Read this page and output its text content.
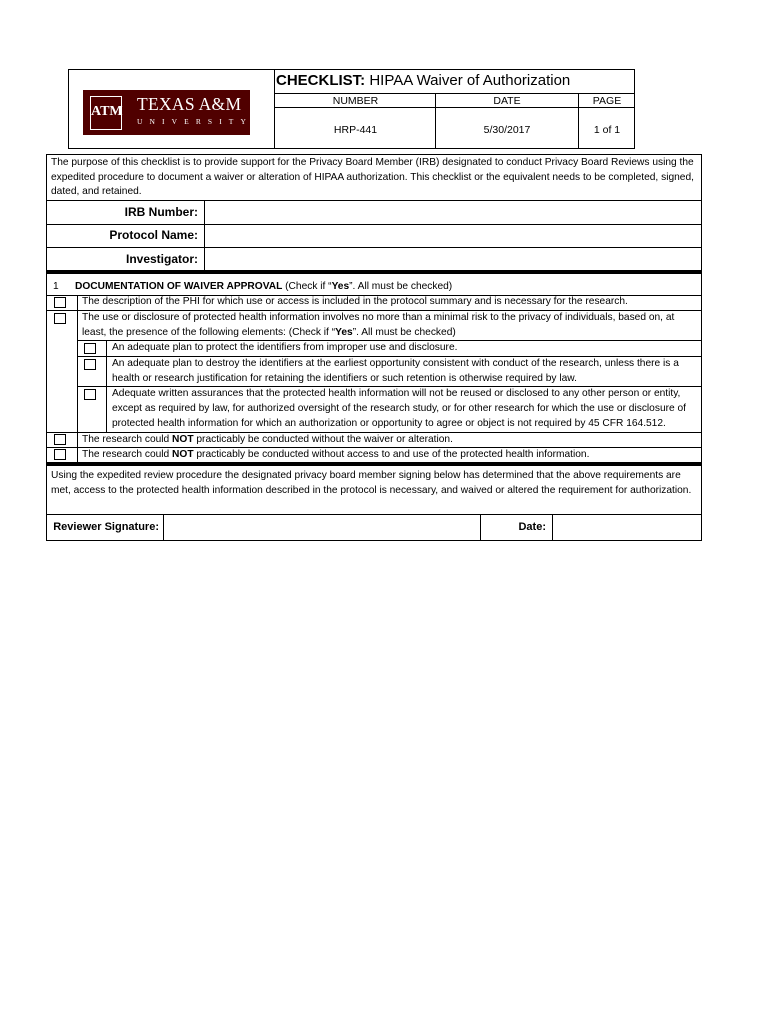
ATM TEXAS A&M
UNIVERSITY
CHECKLIST: HIPAA Waiver of Authorization
NUMBER	DATE	PAGE
HRP-441	5/30/2017	1 of 1
The purpose of this checklist is to provide support for the Privacy Board Member (IRB) designated to conduct Privacy Board Reviews using the expedited procedure to document a waiver or alteration of HIPAA authorization. This checklist or the equivalent needs to be completed, signed, dated, and retained.
IRB Number:
Protocol Name:
Investigator:
1 DOCUMENTATION OF WAIVER APPROVAL (Check if “Yes”. All must be checked)
The description of the PHI for which use or access is included in the protocol summary and is necessary for the research.
The use or disclosure of protected health information involves no more than a minimal risk to the privacy of individuals, based on, at
least, the presence of the following elements: (Check if “Yes”. All must be checked)
An adequate plan to protect the identifiers from improper use and disclosure.
An adequate plan to destroy the identifiers at the earliest opportunity consistent with conduct of the research, unless there is a
health or research justification for retaining the identifiers or such retention is otherwise required by law.
Adequate written assurances that the protected health information will not be reused or disclosed to any other person or entity,
except as required by law, for authorized oversight of the research study, or for other research for which the use or disclosure of
protected health information for which an authorization or opportunity to agree or object is not required by 45 CFR 164.512.
The research could NOT practicably be conducted without the waiver or alteration.
The research could NOT practicably be conducted without access to and use of the protected health information.
Using the expedited review procedure the designated privacy board member signing below has determined that the above requirements are met, access to the protected health information described in the protocol is necessary, and waived or altered the requirement for authorization.
Reviewer Signature:	Date:
